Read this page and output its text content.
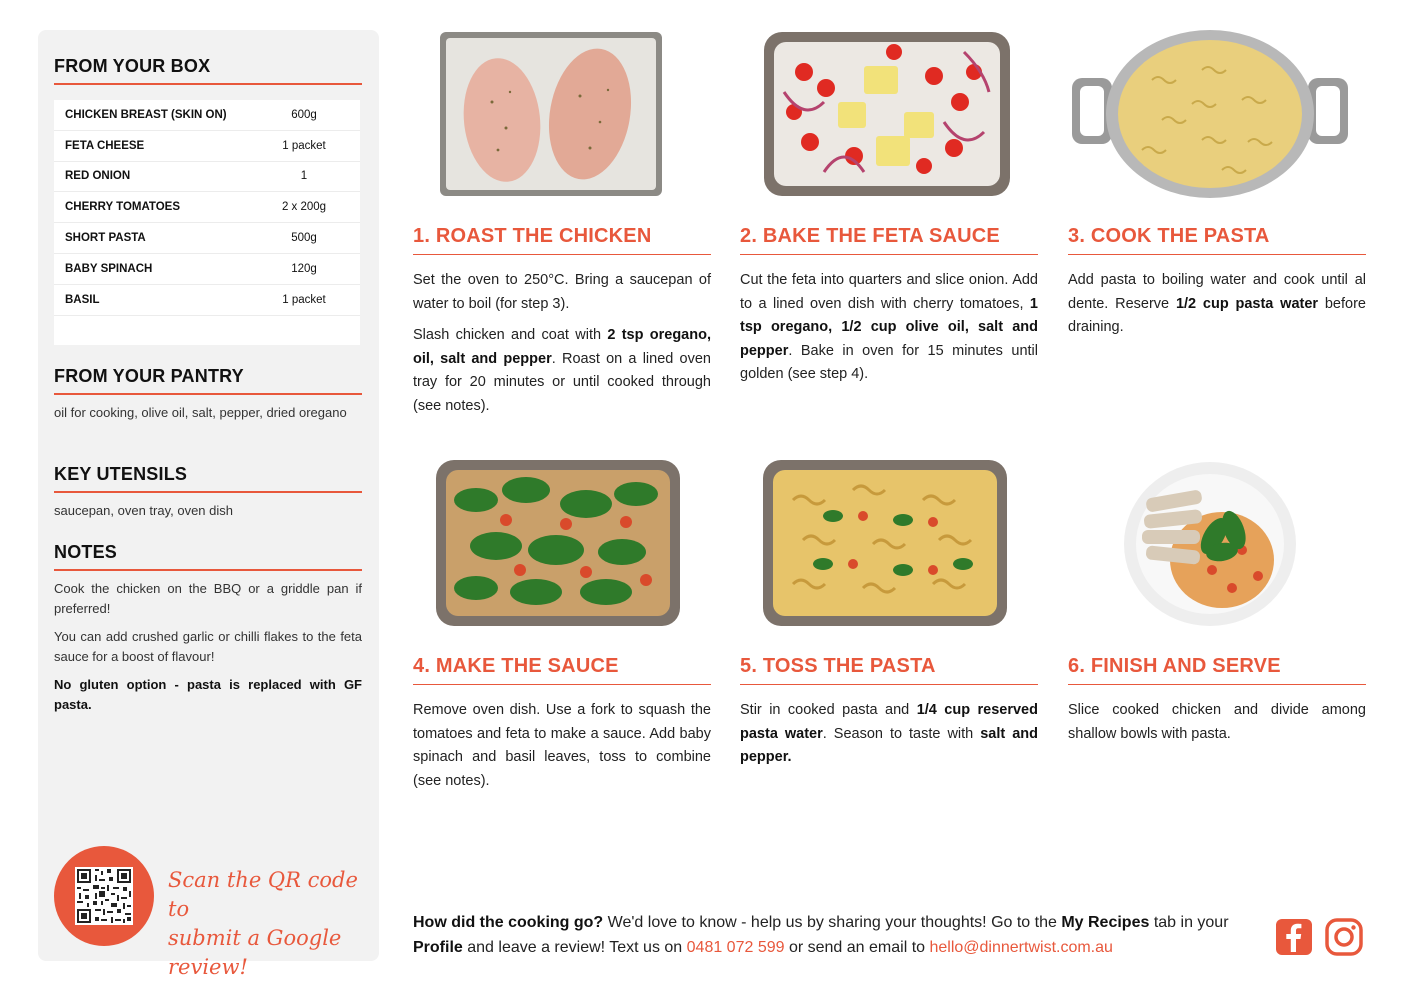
FROM YOUR BOX
CHICKEN BREAST (SKIN ON)	600g
FETA CHEESE	1 packet
RED ONION	1
CHERRY TOMATOES	2 x 200g
SHORT PASTA	500g
BABY SPINACH	120g
BASIL	1 packet
FROM YOUR PANTRY
oil for cooking, olive oil, salt, pepper, dried oregano
KEY UTENSILS
saucepan, oven tray, oven dish
NOTES
Cook the chicken on the BBQ or a griddle pan if preferred!
You can add crushed garlic or chilli flakes to the feta sauce for a boost of flavour!
No gluten option - pasta is replaced with GF pasta.
Scan the QR code to
submit a Google review!
1. ROAST THE CHICKEN

Set the oven to 250°C. Bring a saucepan of water to boil (for step 3).

Slash chicken and coat with 2 tsp oregano, oil, salt and pepper. Roast on a lined oven tray for 20 minutes or until cooked through (see notes).

2. BAKE THE FETA SAUCE

Cut the feta into quarters and slice onion. Add to a lined oven dish with cherry tomatoes, 1 tsp oregano, 1/2 cup olive oil, salt and pepper. Bake in oven for 15 minutes until golden (see step 4).

3. COOK THE PASTA

Add pasta to boiling water and cook until al dente. Reserve 1/2 cup pasta water before draining.

4. MAKE THE SAUCE

Remove oven dish. Use a fork to squash the tomatoes and feta to make a sauce. Add baby spinach and basil leaves, toss to combine (see notes).

5. TOSS THE PASTA

Stir in cooked pasta and 1/4 cup reserved pasta water. Season to taste with salt and pepper.

6. FINISH AND SERVE

Slice cooked chicken and divide among shallow bowls with pasta.

How did the cooking go? We'd love to know - help us by sharing your thoughts! Go to the My Recipes tab in your Profile and leave a review! Text us on 0481 072 599 or send an email to hello@dinnertwist.com.au
